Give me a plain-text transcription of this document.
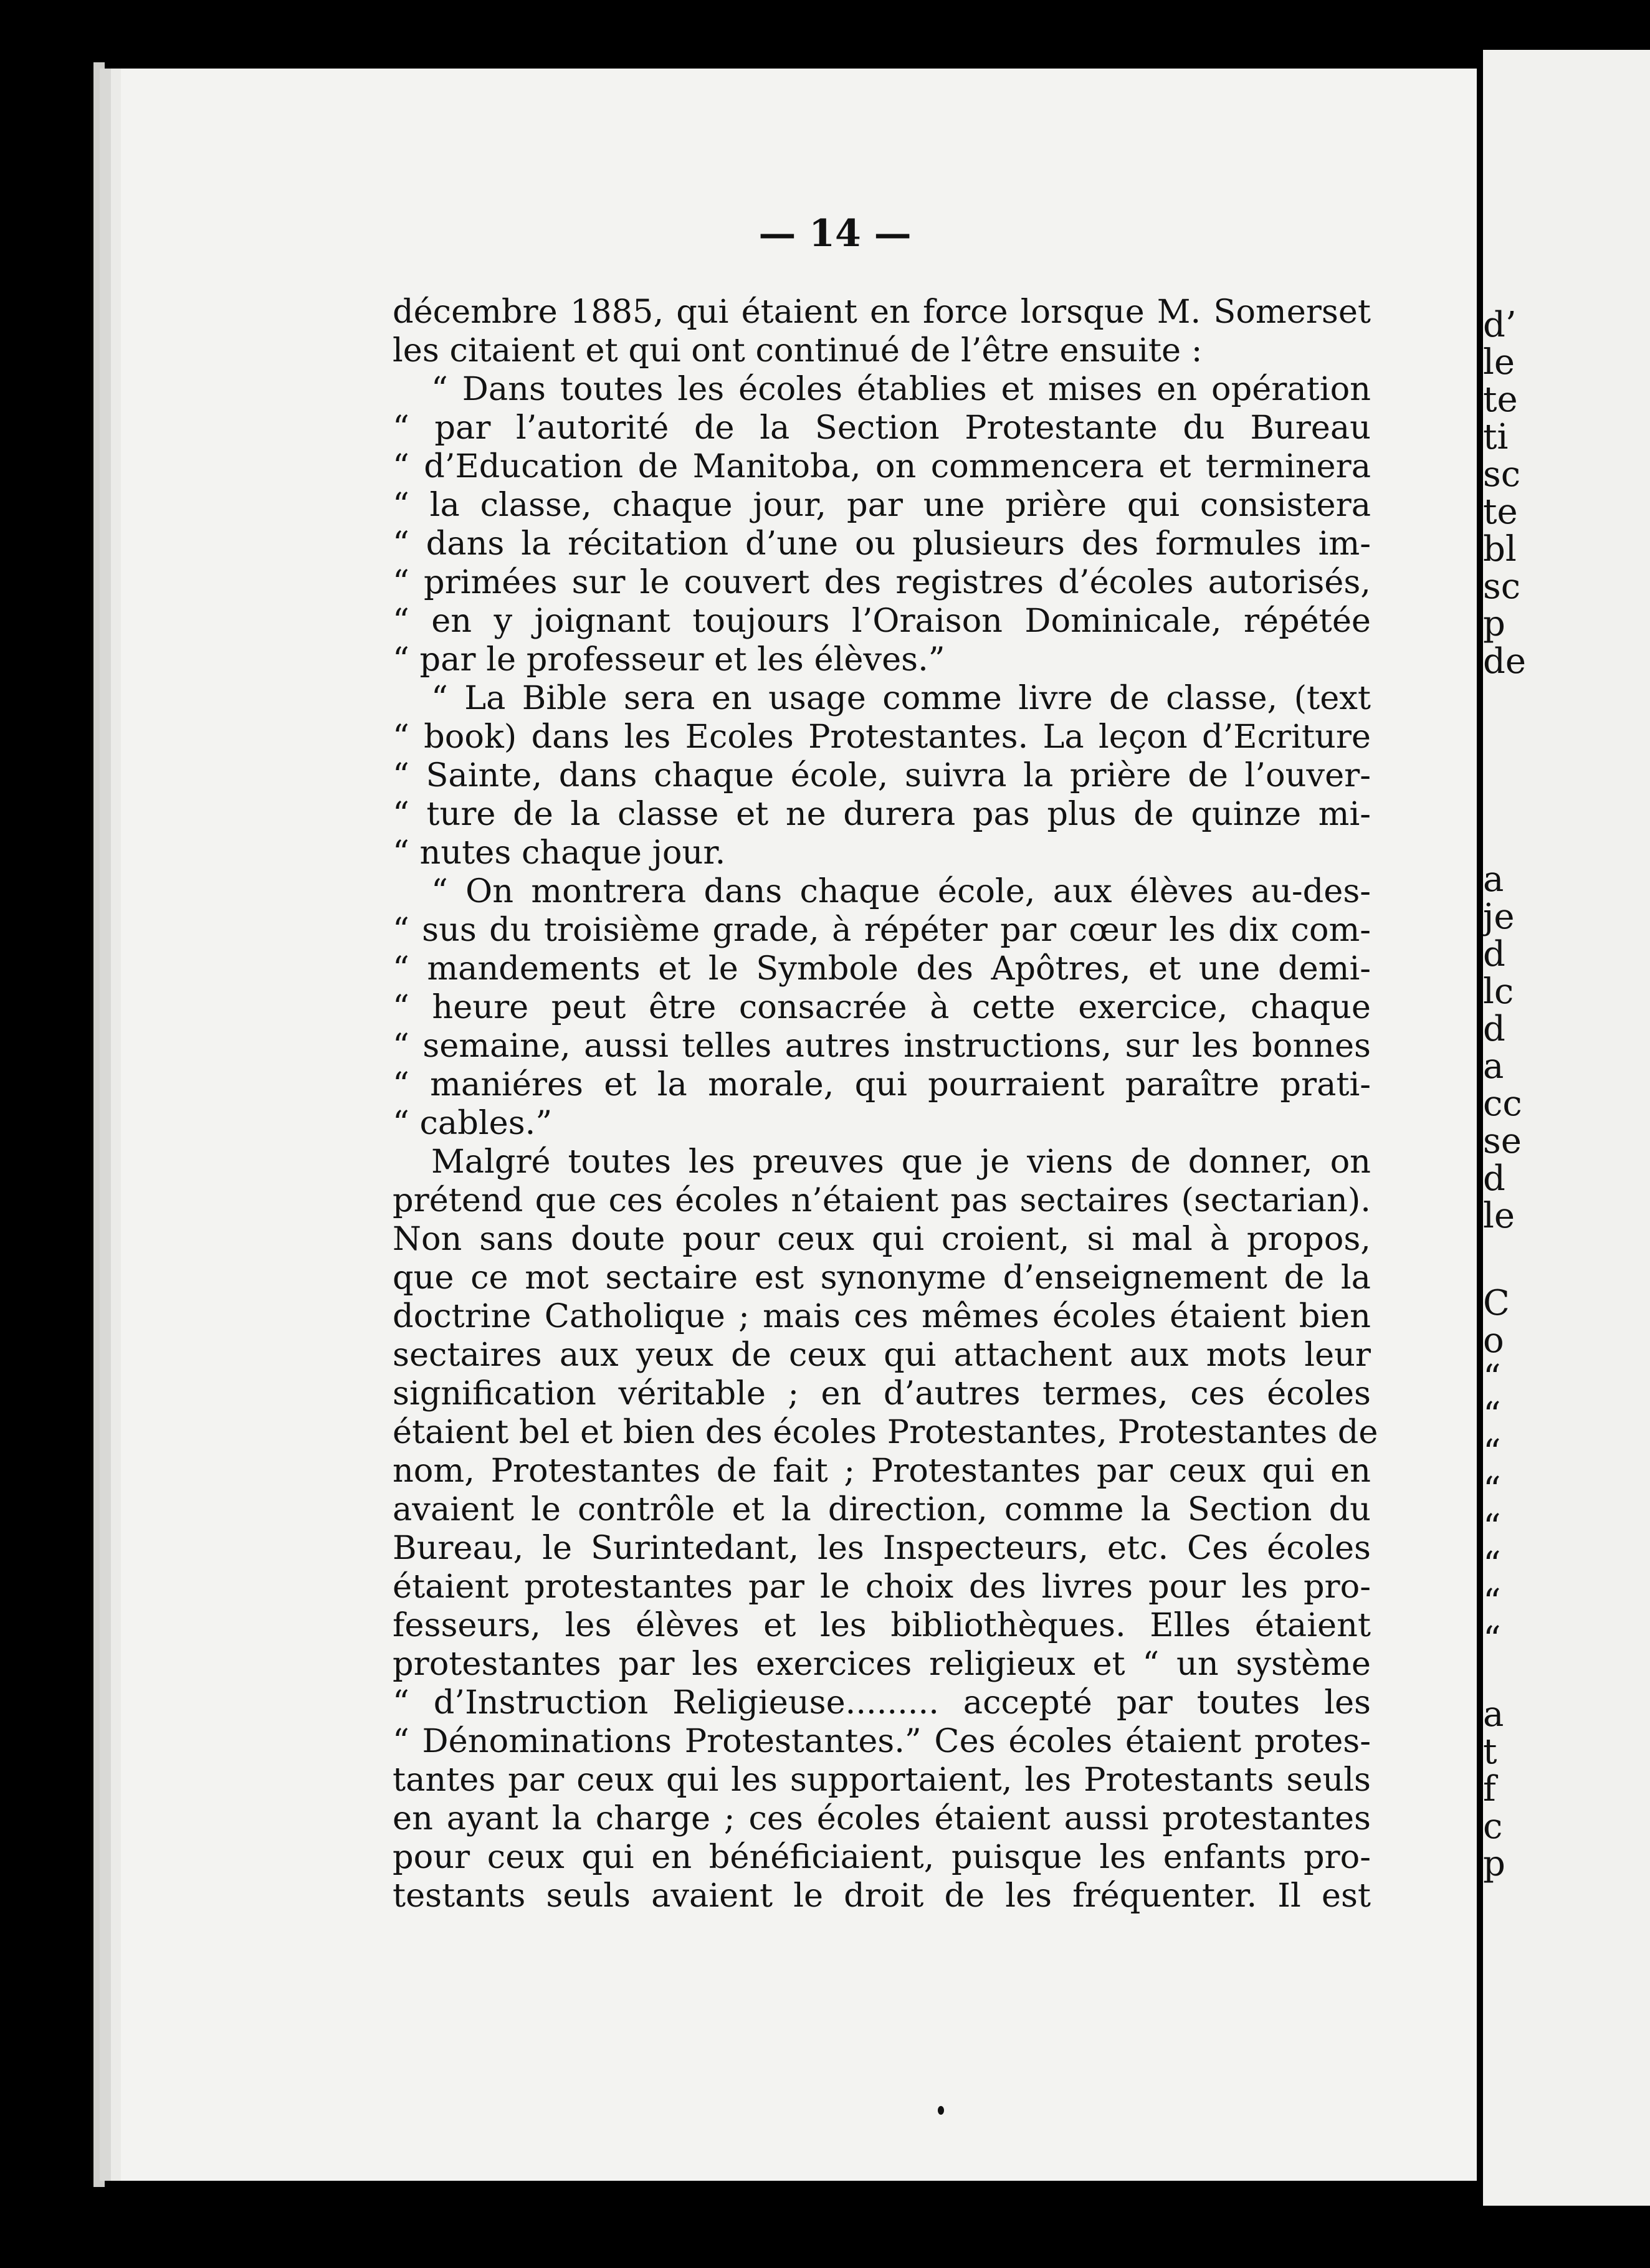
d’
le
te
ti
sc
te
bl
sc
p
de
a
je
d
lc
d
a
cc
se
d
le
C
o
“
“
“
“
“
“
“
“
a
t
f
c
p
— 14 —
décembre 1885, qui étaient en force lorsque M. Somerset
les citaient et qui ont continué de l’être ensuite :
“ Dans toutes les écoles établies et mises en opération
“ par l’autorité de la Section Protestante du Bureau
“ d’Education de Manitoba, on commencera et terminera
“ la classe, chaque jour, par une prière qui consistera
“ dans la récitation d’une ou plusieurs des formules im-
“ primées sur le couvert des registres d’écoles autorisés,
“ en y joignant toujours l’Oraison Dominicale, répétée
“ par le professeur et les élèves.”
“ La Bible sera en usage comme livre de classe, (text
“ book) dans les Ecoles Protestantes. La leçon d’Ecriture
“ Sainte, dans chaque école, suivra la prière de l’ouver-
“ ture de la classe et ne durera pas plus de quinze mi-
“ nutes chaque jour.
“ On montrera dans chaque école, aux élèves au-des-
“ sus du troisième grade, à répéter par cœur les dix com-
“ mandements et le Symbole des Apôtres, et une demi-
“ heure peut être consacrée à cette exercice, chaque
“ semaine, aussi telles autres instructions, sur les bonnes
“ maniéres et la morale, qui pourraient paraître prati-
“ cables.”
Malgré toutes les preuves que je viens de donner, on
prétend que ces écoles n’étaient pas sectaires (sectarian).
Non sans doute pour ceux qui croient, si mal à propos,
que ce mot sectaire est synonyme d’enseignement de la
doctrine Catholique ; mais ces mêmes écoles étaient bien
sectaires aux yeux de ceux qui attachent aux mots leur
signification véritable ; en d’autres termes, ces écoles
étaient bel et bien des écoles Protestantes, Protestantes de
nom, Protestantes de fait ; Protestantes par ceux qui en
avaient le contrôle et la direction, comme la Section du
Bureau, le Surintedant, les Inspecteurs, etc. Ces écoles
étaient protestantes par le choix des livres pour les pro-
fesseurs, les élèves et les bibliothèques. Elles étaient
protestantes par les exercices religieux et “ un système
“ d’Instruction Religieuse......... accepté par toutes les
“ Dénominations Protestantes.” Ces écoles étaient protes-
tantes par ceux qui les supportaient, les Protestants seuls
en ayant la charge ; ces écoles étaient aussi protestantes
pour ceux qui en bénéficiaient, puisque les enfants pro-
testants seuls avaient le droit de les fréquenter. Il est
